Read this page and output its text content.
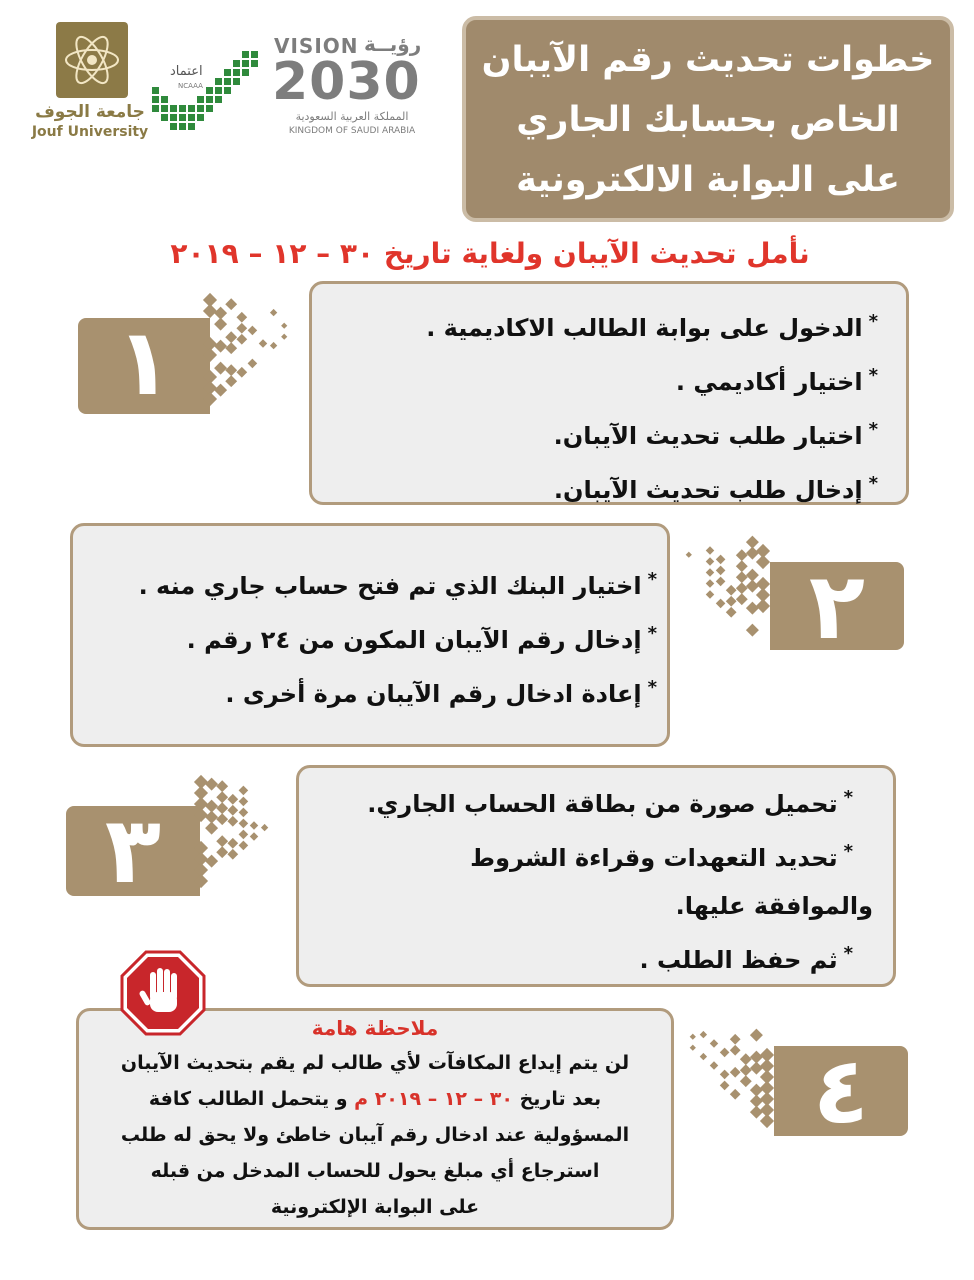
جامعة الجوف
Jouf University
اعتماد
NCAAA
VISION رؤيــة
2030
المملكة العربية السعودية
KINGDOM OF SAUDI ARABIA
خطوات تحديث رقم الآيبان
الخاص بحسابك الجاري
على البوابة الالكترونية
نأمل تحديث الآيبان ولغاية تاريخ ٣٠ – ١٢ – ٢٠١٩
*الدخول على بوابة الطالب الاكاديمية .
*اختيار أكاديمي .
*اختيار طلب تحديث الآيبان.
*إدخال طلب تحديث الآيبان.
١
*اختيار البنك الذي تم فتح حساب جاري منه .
*إدخال رقم الآيبان المكون من ٢٤ رقم .
*إعادة ادخال رقم الآيبان مرة أخرى .
٢
*تحميل صورة من بطاقة الحساب الجاري.
*تحديد التعهدات وقراءة الشروط
والموافقة عليها.
*ثم حفظ الطلب .
٣
ملاحظة هامة
لن يتم إيداع المكافآت لأي طالب لم يقم بتحديث الآيبان
بعد تاريخ ٣٠ – ١٢ – ٢٠١٩ م و يتحمل الطالب كافة
المسؤولية عند ادخال رقم آيبان خاطئ ولا يحق له طلب
استرجاع أي مبلغ يحول للحساب المدخل من قبله
على البوابة الإلكترونية
٤
